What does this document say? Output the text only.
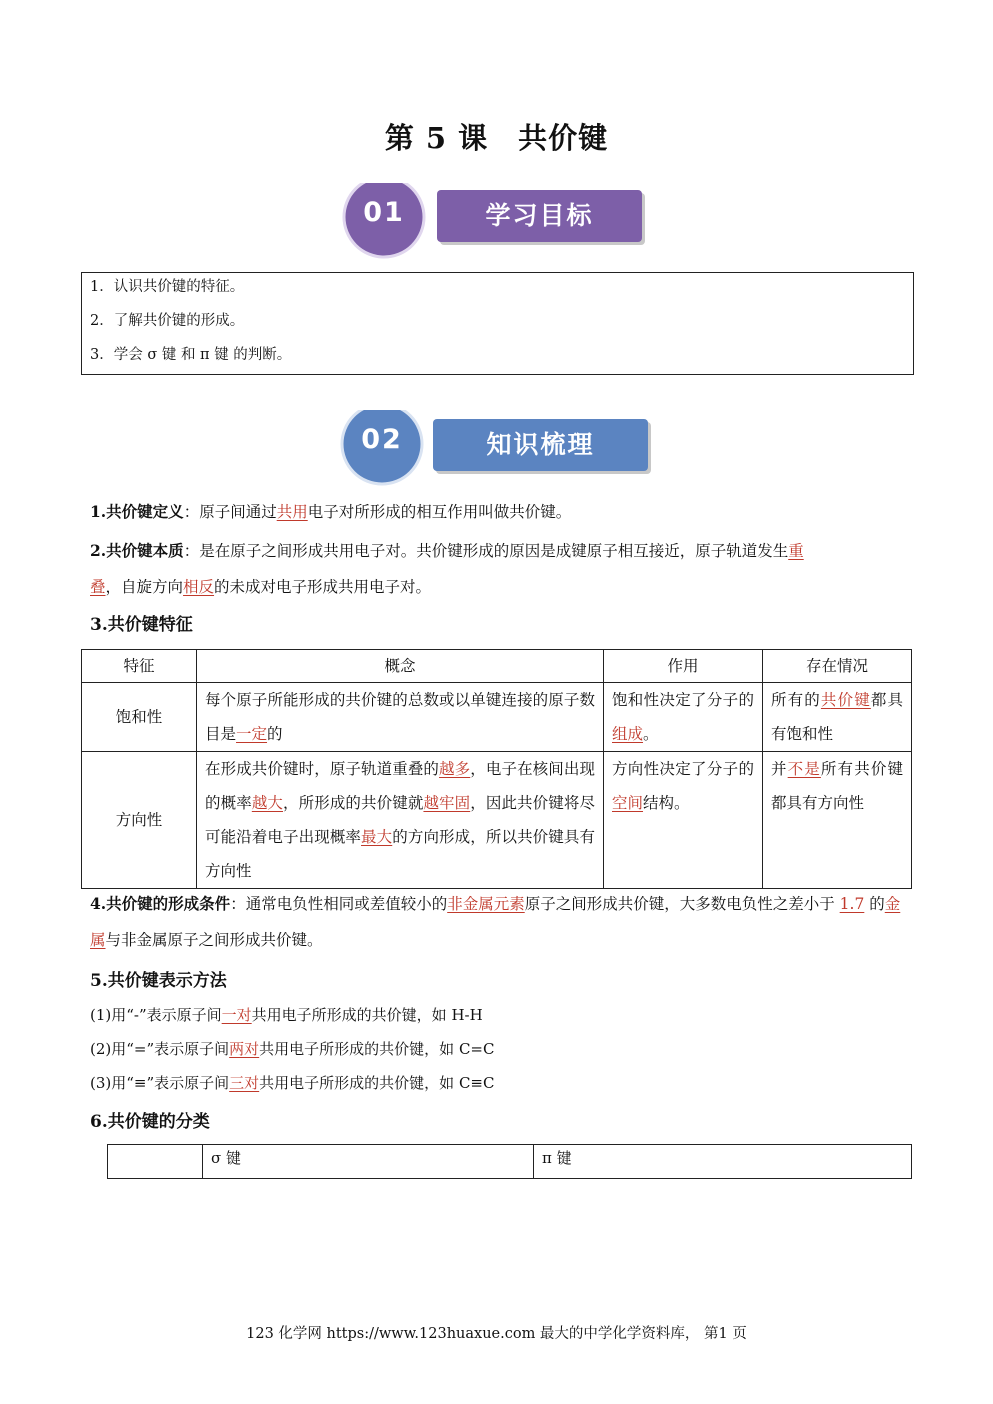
第 5 课　共价键
01	学习目标
1．认识共价键的特征。
2．了解共价键的形成。
3．学会 σ 键 和 π 键 的判断。
02	知识梳理
1.共价键定义：原子间通过共用电子对所形成的相互作用叫做共价键。
2.共价键本质：是在原子之间形成共用电子对。共价键形成的原因是成键原子相互接近，原子轨道发生重
叠，自旋方向相反的未成对电子形成共用电子对。
3.共价键特征
特征	概念	作用	存在情况
饱和性	每个原子所能形成的共价键的总数或以单键连接的原子数目是一定的	饱和性决定了分子的组成。	所有的共价键都具有饱和性
方向性	在形成共价键时，原子轨道重叠的越多，电子在核间出现的概率越大，所形成的共价键就越牢固，因此共价键将尽可能沿着电子出现概率最大的方向形成，所以共价键具有方向性	方向性决定了分子的空间结构。	并不是所有共价键都具有方向性
4.共价键的形成条件：通常电负性相同或差值较小的非金属元素原子之间形成共价键，大多数电负性之差小于 1.7 的金属与非金属原子之间形成共价键。
5.共价键表示方法
(1)用“-”表示原子间一对共用电子所形成的共价键，如 H-H
(2)用“=”表示原子间两对共用电子所形成的共价键，如 C=C
(3)用“≡”表示原子间三对共用电子所形成的共价键，如 C≡C
6.共价键的分类
	σ 键	π 键
123 化学网 https://www.123huaxue.com 最大的中学化学资料库， 第1 页
